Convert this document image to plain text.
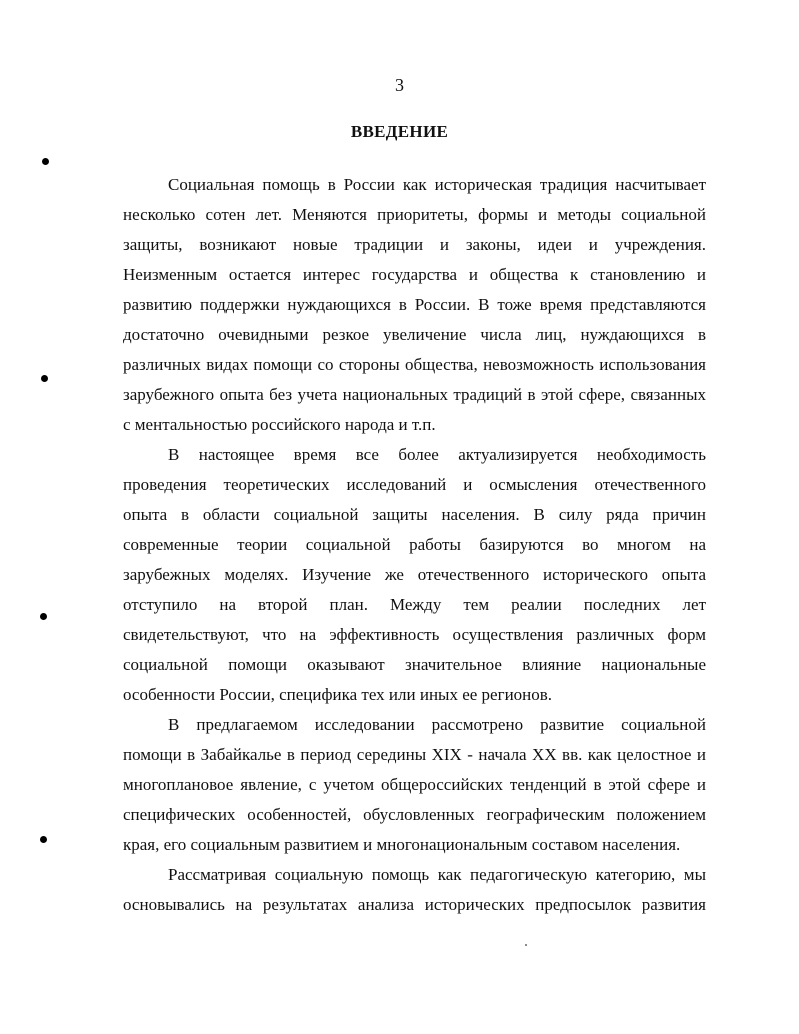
3
ВВЕДЕНИЕ
Социальная помощь в России как историческая традиция насчитывает
несколько сотен лет. Меняются приоритеты, формы и методы социальной
защиты, возникают новые традиции и законы, идеи и учреждения.
Неизменным остается интерес государства и общества к становлению и
развитию поддержки нуждающихся в России. В тоже время представляются
достаточно очевидными резкое увеличение числа лиц, нуждающихся в
различных видах помощи со стороны общества, невозможность использования
зарубежного опыта без учета национальных традиций в этой сфере, связанных
с ментальностью российского народа и т.п.
В настоящее время все более актуализируется необходимость
проведения теоретических исследований и осмысления отечественного
опыта в области социальной защиты населения. В силу ряда причин
современные теории социальной работы базируются во многом на
зарубежных моделях. Изучение же отечественного исторического опыта
отступило на второй план. Между тем реалии последних лет
свидетельствуют, что на эффективность осуществления различных форм
социальной помощи оказывают значительное влияние национальные
особенности России, специфика тех или иных ее регионов.
В предлагаемом исследовании рассмотрено развитие социальной
помощи в Забайкалье в период середины XIX - начала XX вв. как целостное и
многоплановое явление, с учетом общероссийских тенденций в этой сфере и
специфических особенностей, обусловленных географическим положением
края, его социальным развитием и многонациональным составом населения.
Рассматривая социальную помощь как педагогическую категорию, мы
основывались на результатах анализа исторических предпосылок развития
